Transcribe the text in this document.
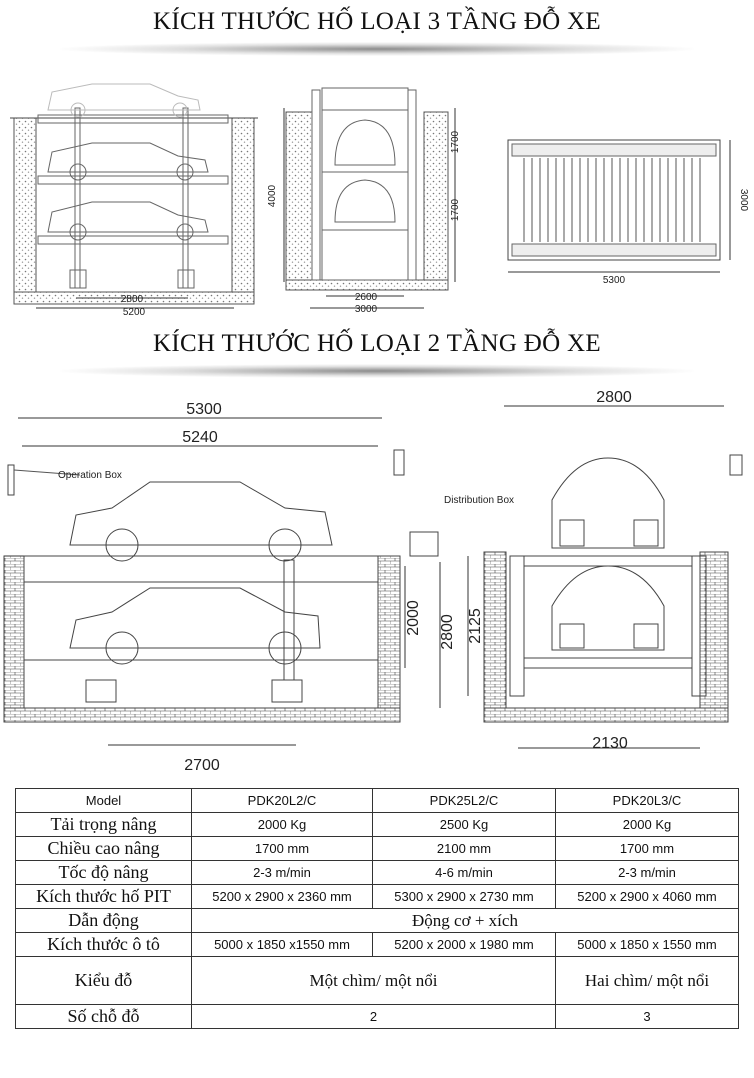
KÍCH THƯỚC HỐ LOẠI 3 TẦNG ĐỖ XE
2800
5200
4000
1700
1700
2600
3000
5300
3000
KÍCH THƯỚC HỐ LOẠI 2 TẦNG ĐỖ XE
5300
5240
Operation Box
2000 2800
2700
2800
Distribution Box
2125
2130
Model	PDK20L2/C	PDK25L2/C	PDK20L3/C
Tải trọng nâng	2000 Kg	2500 Kg	2000 Kg
Chiều cao nâng	1700 mm	2100 mm	1700 mm
Tốc độ nâng	2-3 m/min	4-6 m/min	2-3 m/min
Kích thước hố PIT	5200 x 2900 x 2360 mm	5300 x 2900 x 2730 mm	5200 x 2900 x 4060 mm
Dẫn động	Động cơ + xích		
Kích thước ô tô	5000 x 1850 x1550 mm	5200 x 2000 x 1980 mm	5000 x 1850 x 1550 mm
Kiểu đỗ	Một chìm/ một nổi		Hai chìm/ một nổi
Số chỗ đỗ	2		3
